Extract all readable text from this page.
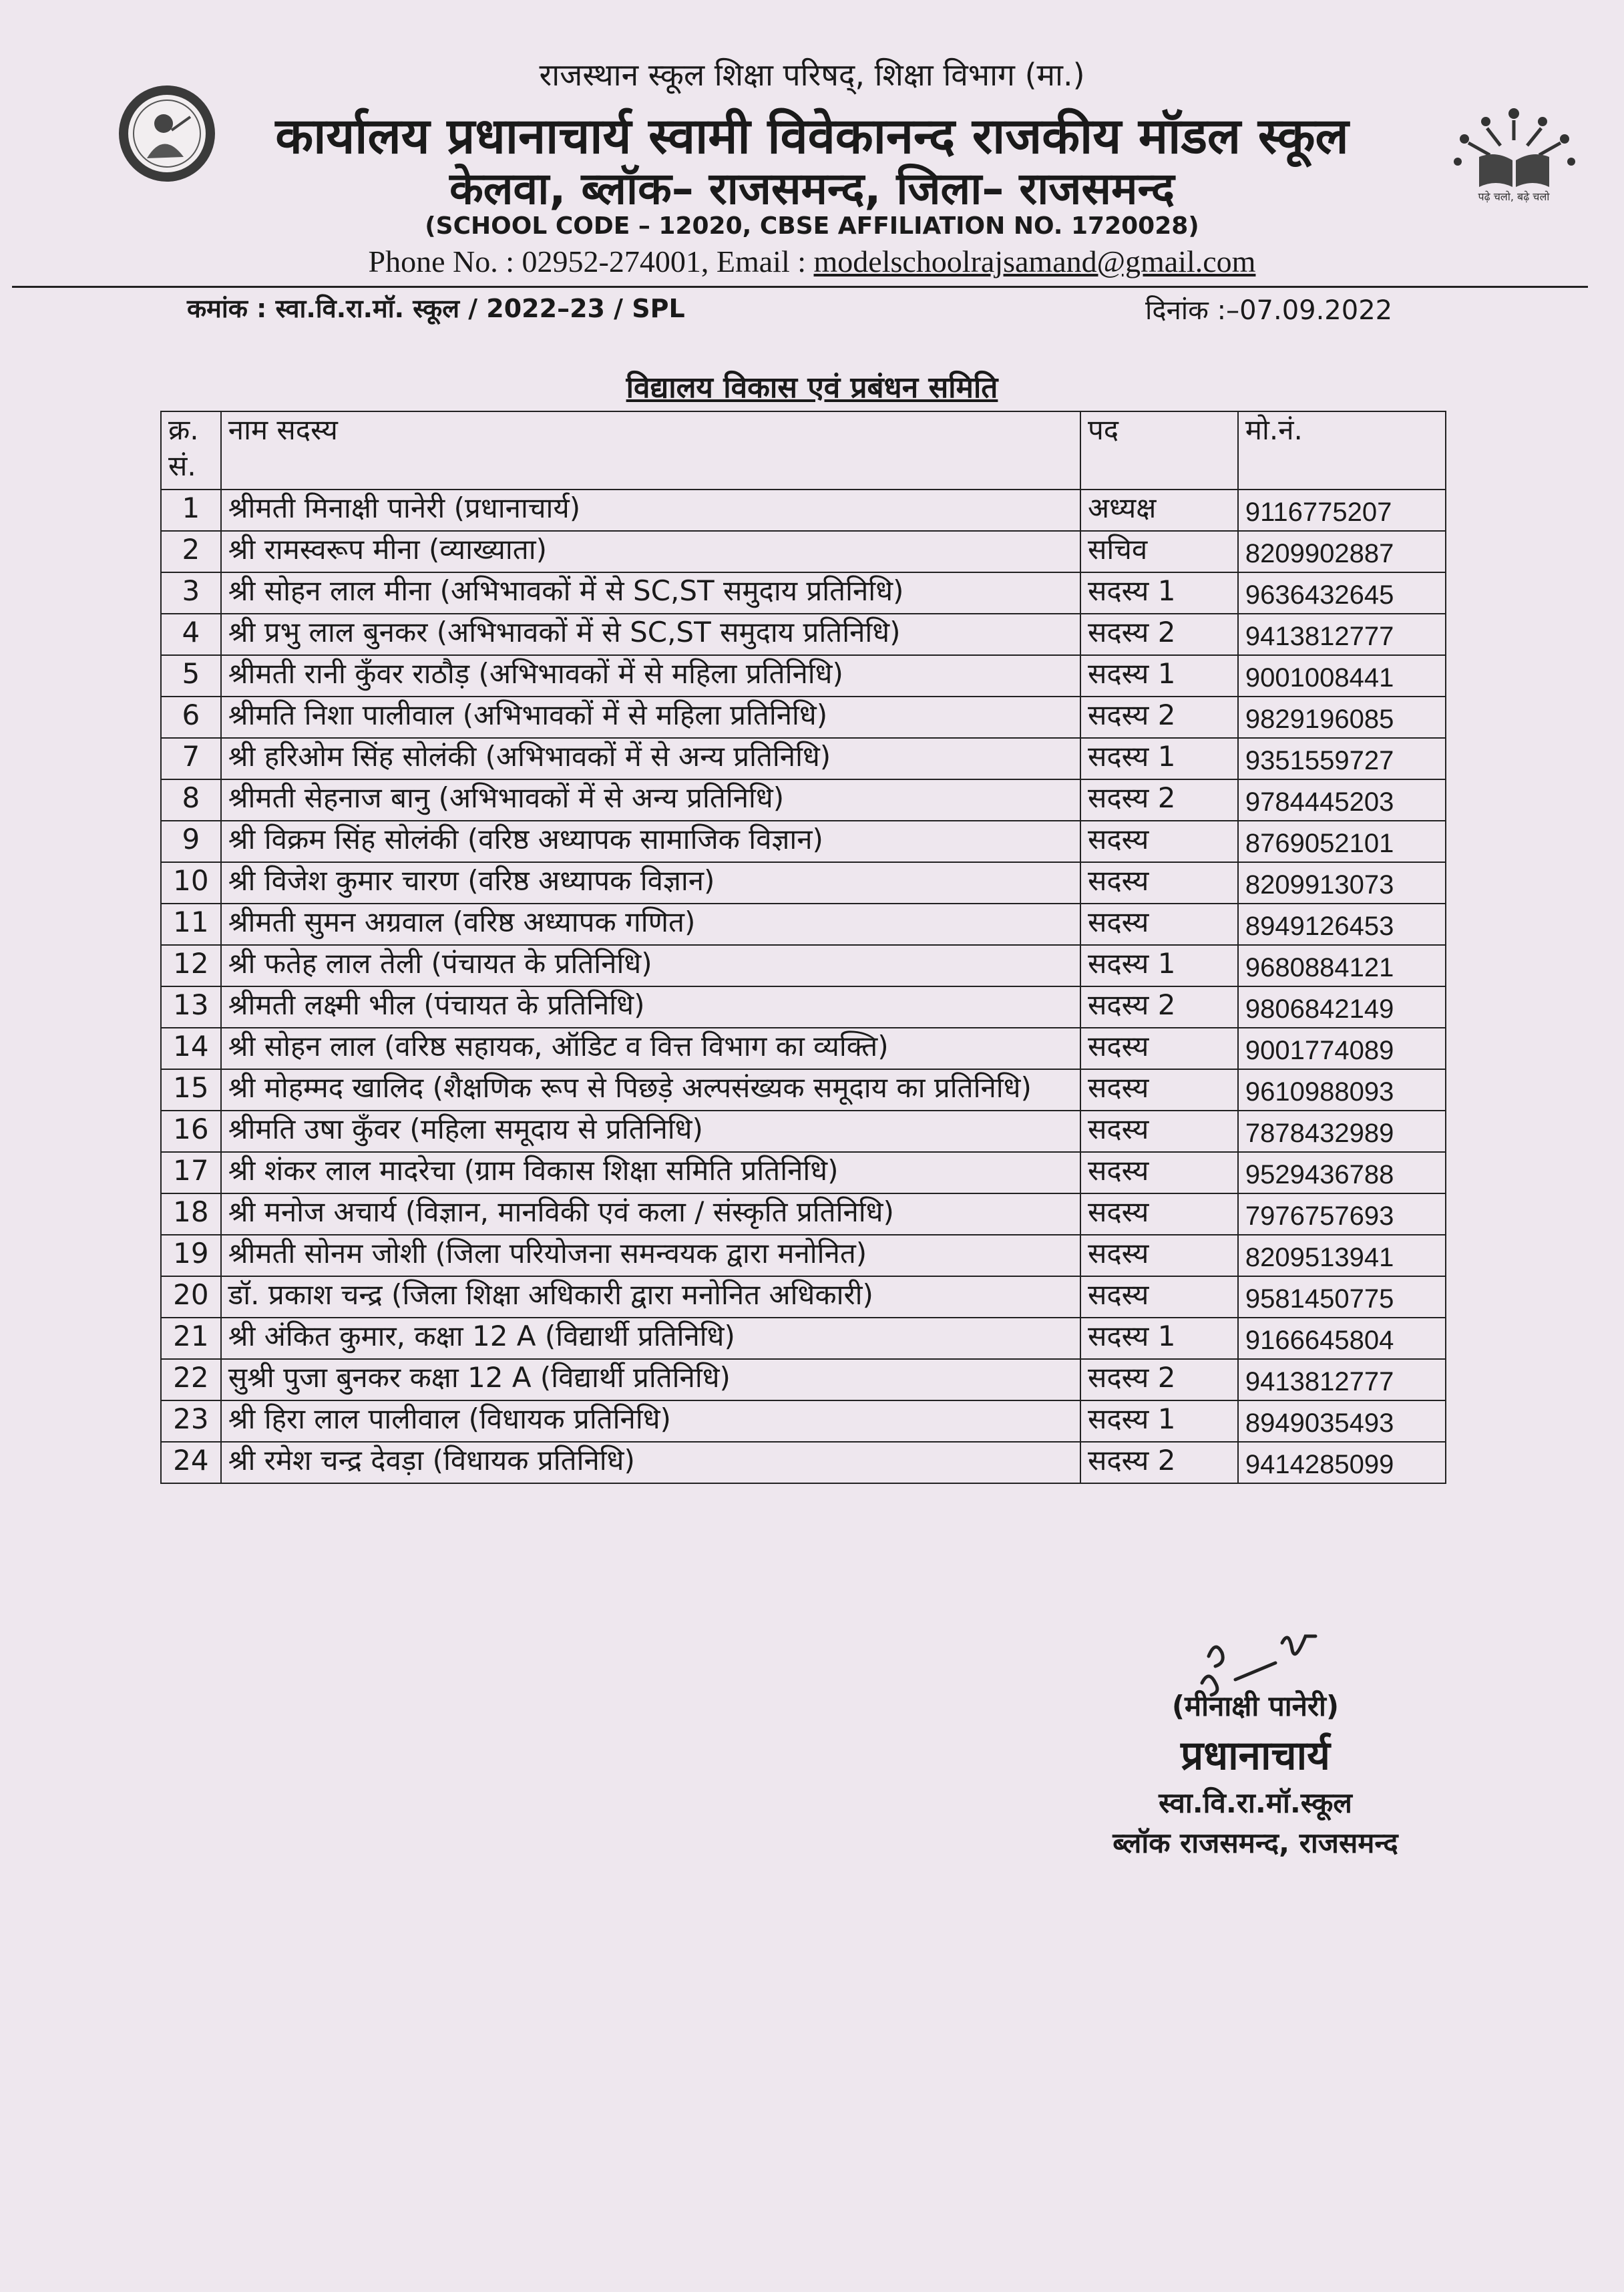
राजस्थान स्कूल शिक्षा परिषद्, शिक्षा विभाग (मा.)
कार्यालय प्रधानाचार्य स्वामी विवेकानन्द राजकीय मॉडल स्कूल
केलवा, ब्लॉक– राजसमन्द, जिला– राजसमन्द
(SCHOOL CODE – 12020, CBSE AFFILIATION NO. 1720028)
Phone No. : 02952-274001, Email : modelschoolrajsamand@gmail.com
पढ़े चलो, बढ़े चलो
कमांक : स्वा.वि.रा.मॉ. स्कूल / 2022–23 / SPL	दिनांक :–07.09.2022
विद्यालय विकास एवं प्रबंधन समिति
क्र. सं.	नाम सदस्य	पद	मो.नं.
1	श्रीमती मिनाक्षी पानेरी (प्रधानाचार्य)	अध्यक्ष	9116775207
2	श्री रामस्वरूप मीना (व्याख्याता)	सचिव	8209902887
3	श्री सोहन लाल मीना (अभिभावकों में से SC,ST समुदाय प्रतिनिधि)	सदस्य 1	9636432645
4	श्री प्रभु लाल बुनकर (अभिभावकों में से SC,ST समुदाय प्रतिनिधि)	सदस्य 2	9413812777
5	श्रीमती रानी कुँवर राठौड़ (अभिभावकों में से महिला प्रतिनिधि)	सदस्य 1	9001008441
6	श्रीमति निशा पालीवाल (अभिभावकों में से महिला प्रतिनिधि)	सदस्य 2	9829196085
7	श्री हरिओम सिंह सोलंकी (अभिभावकों में से अन्य प्रतिनिधि)	सदस्य 1	9351559727
8	श्रीमती सेहनाज बानु (अभिभावकों में से अन्य प्रतिनिधि)	सदस्य 2	9784445203
9	श्री विक्रम सिंह सोलंकी (वरिष्ठ अध्यापक सामाजिक विज्ञान)	सदस्य	8769052101
10	श्री विजेश कुमार चारण (वरिष्ठ अध्यापक विज्ञान)	सदस्य	8209913073
11	श्रीमती सुमन अग्रवाल (वरिष्ठ अध्यापक गणित)	सदस्य	8949126453
12	श्री फतेह लाल तेली (पंचायत के प्रतिनिधि)	सदस्य 1	9680884121
13	श्रीमती लक्ष्मी भील (पंचायत के प्रतिनिधि)	सदस्य 2	9806842149
14	श्री सोहन लाल (वरिष्ठ सहायक, ऑडिट व वित्त विभाग का व्यक्ति)	सदस्य	9001774089
15	श्री मोहम्मद खालिद (शैक्षणिक रूप से पिछड़े अल्पसंख्यक समूदाय का प्रतिनिधि)	सदस्य	9610988093
16	श्रीमति उषा कुँवर (महिला समूदाय से प्रतिनिधि)	सदस्य	7878432989
17	श्री शंकर लाल मादरेचा (ग्राम विकास शिक्षा समिति प्रतिनिधि)	सदस्य	9529436788
18	श्री मनोज अचार्य (विज्ञान, मानविकी एवं कला / संस्कृति प्रतिनिधि)	सदस्य	7976757693
19	श्रीमती सोनम जोशी (जिला परियोजना समन्वयक द्वारा मनोनित)	सदस्य	8209513941
20	डॉ. प्रकाश चन्द्र (जिला शिक्षा अधिकारी द्वारा मनोनित अधिकारी)	सदस्य	9581450775
21	श्री अंकित कुमार, कक्षा 12 A (विद्यार्थी प्रतिनिधि)	सदस्य 1	9166645804
22	सुश्री पुजा बुनकर कक्षा 12 A (विद्यार्थी प्रतिनिधि)	सदस्य 2	9413812777
23	श्री हिरा लाल पालीवाल (विधायक प्रतिनिधि)	सदस्य 1	8949035493
24	श्री रमेश चन्द्र देवड़ा (विधायक प्रतिनिधि)	सदस्य 2	9414285099
(मीनाक्षी पानेरी)
प्रधानाचार्य
स्वा.वि.रा.मॉ.स्कूल
ब्लॉक राजसमन्द, राजसमन्द
